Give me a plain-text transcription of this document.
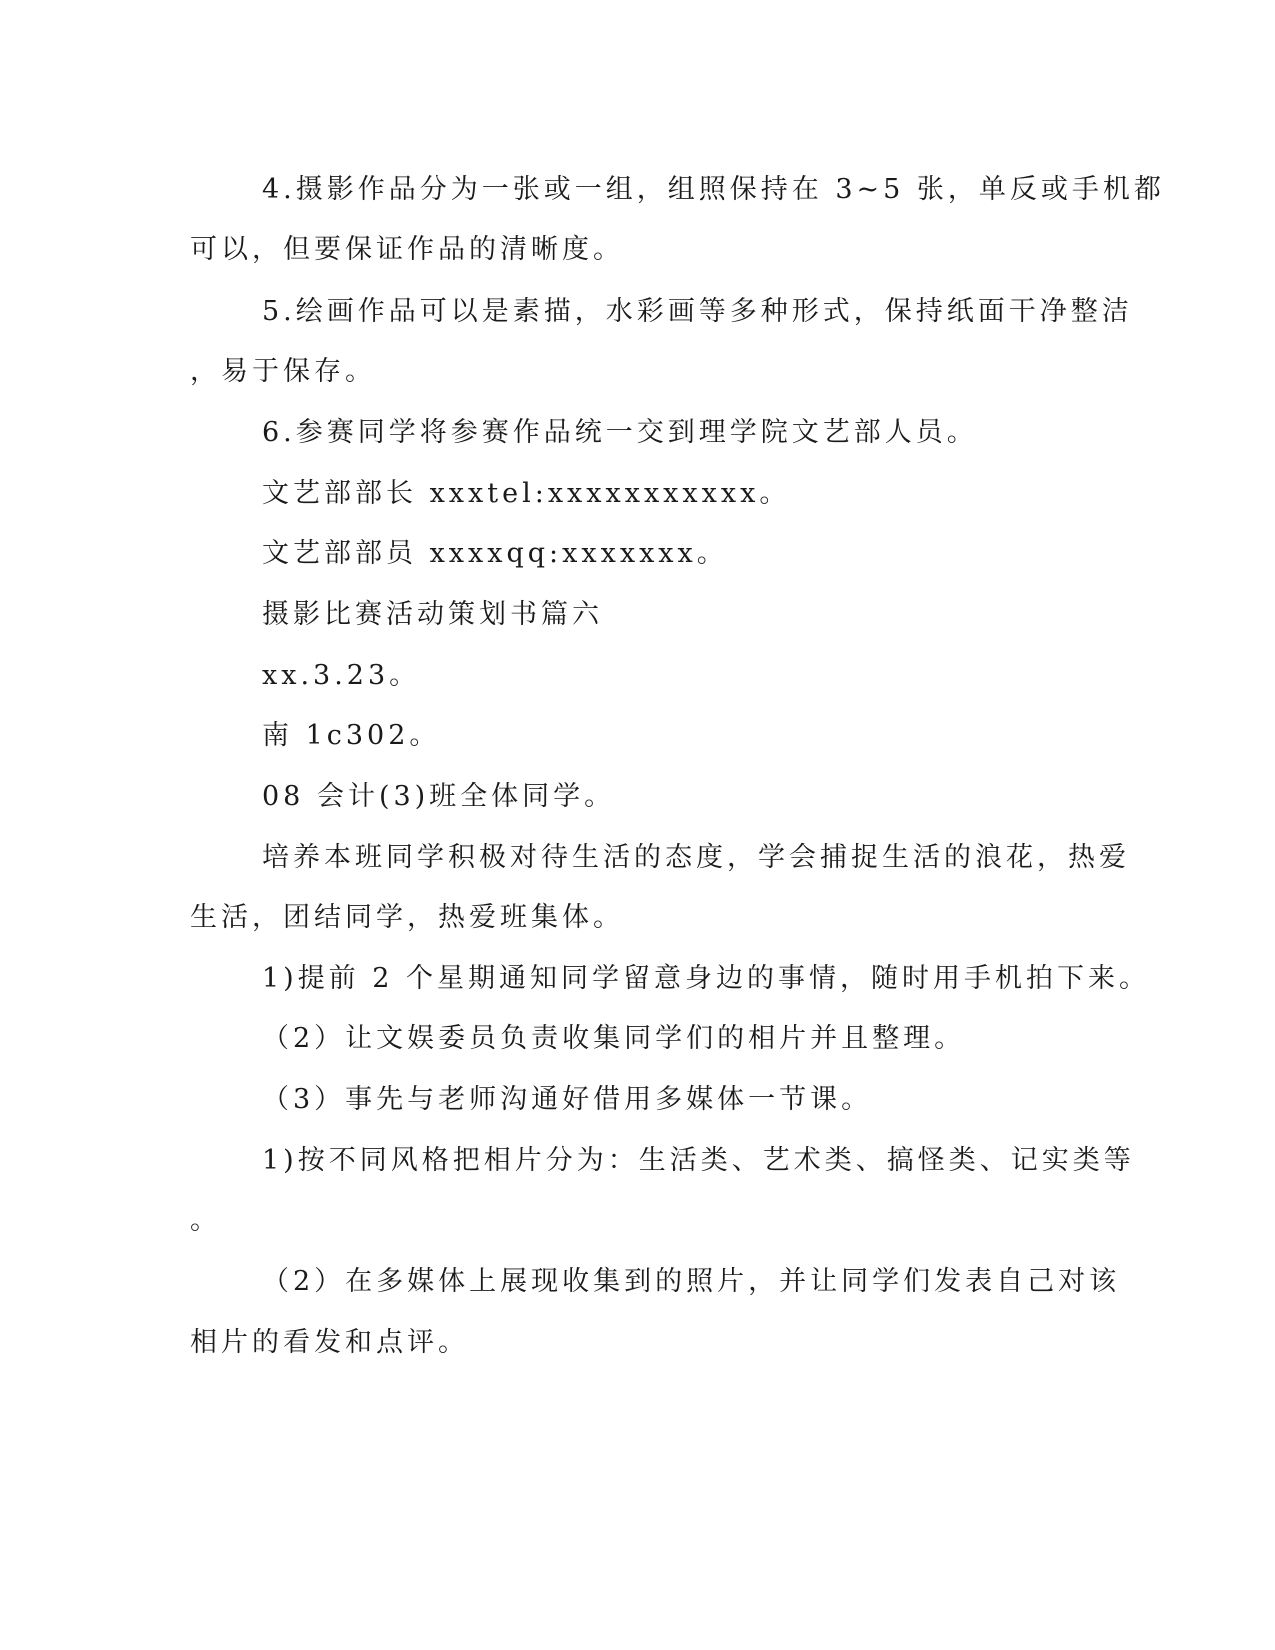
4.摄影作品分为一张或一组，组照保持在 3~5 张，单反或手机都
可以，但要保证作品的清晰度。
5.绘画作品可以是素描，水彩画等多种形式，保持纸面干净整洁
，易于保存。
6.参赛同学将参赛作品统一交到理学院文艺部人员。
文艺部部长 xxxtel:xxxxxxxxxxx。
文艺部部员 xxxxqq:xxxxxxx。
摄影比赛活动策划书篇六
xx.3.23。
南 1c302。
08 会计(3)班全体同学。
培养本班同学积极对待生活的态度，学会捕捉生活的浪花，热爱
生活，团结同学，热爱班集体。
1)提前 2 个星期通知同学留意身边的事情，随时用手机拍下来。
（2）让文娱委员负责收集同学们的相片并且整理。
（3）事先与老师沟通好借用多媒体一节课。
1)按不同风格把相片分为：生活类、艺术类、搞怪类、记实类等
。
（2）在多媒体上展现收集到的照片，并让同学们发表自己对该
相片的看发和点评。
